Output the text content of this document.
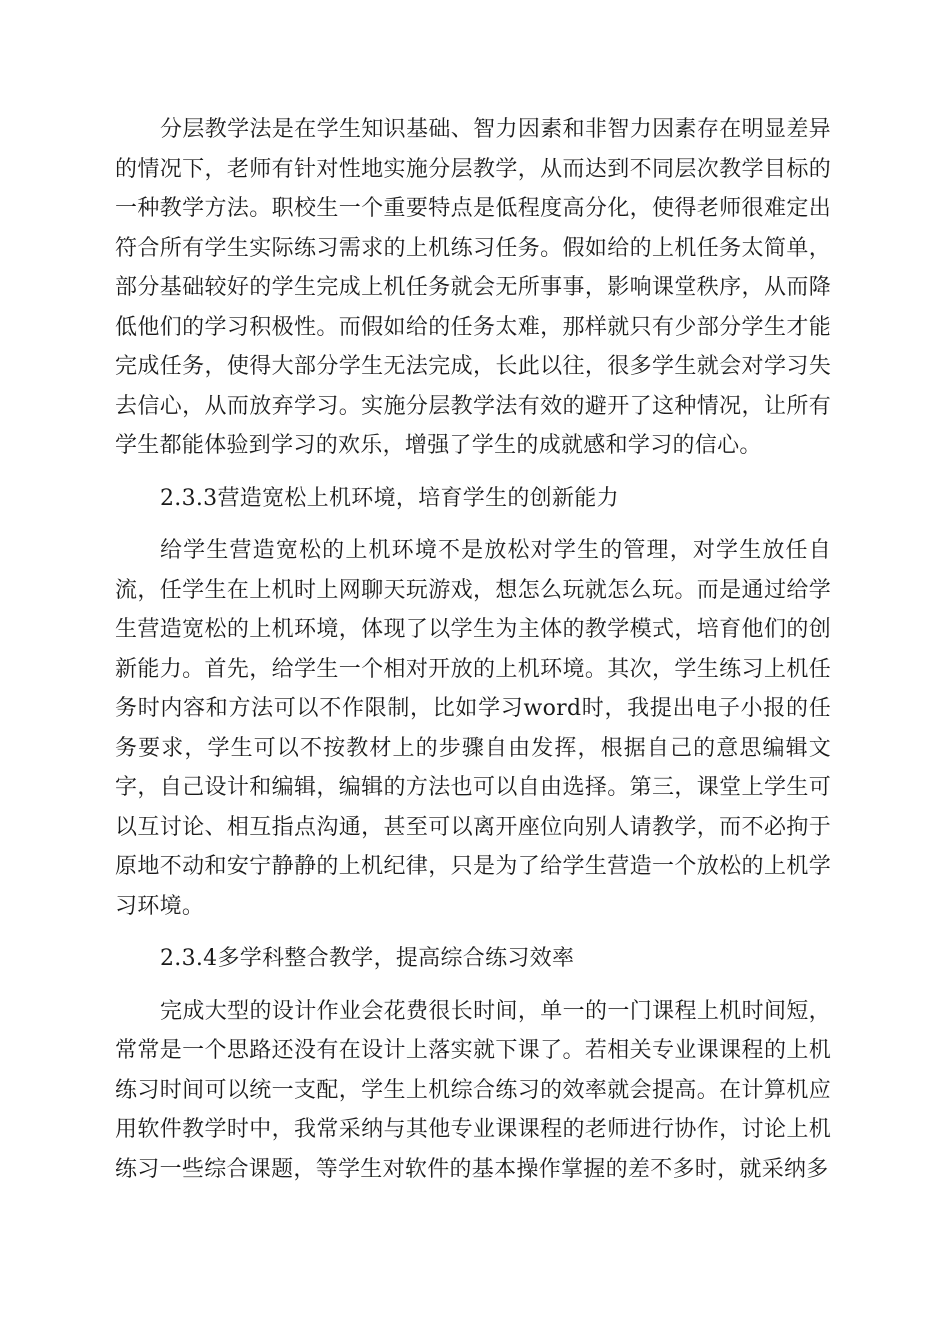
分层教学法是在学生知识基础、智力因素和非智力因素存在明显差异的情况下，老师有针对性地实施分层教学，从而达到不同层次教学目标的一种教学方法。职校生一个重要特点是低程度高分化，使得老师很难定出符合所有学生实际练习需求的上机练习任务。假如给的上机任务太简单，部分基础较好的学生完成上机任务就会无所事事，影响课堂秩序，从而降低他们的学习积极性。而假如给的任务太难，那样就只有少部分学生才能完成任务，使得大部分学生无法完成，长此以往，很多学生就会对学习失去信心，从而放弃学习。实施分层教学法有效的避开了这种情况，让所有学生都能体验到学习的欢乐，增强了学生的成就感和学习的信心。

2.3.3营造宽松上机环境，培育学生的创新能力

给学生营造宽松的上机环境不是放松对学生的管理，对学生放任自流，任学生在上机时上网聊天玩游戏，想怎么玩就怎么玩。而是通过给学生营造宽松的上机环境，体现了以学生为主体的教学模式，培育他们的创新能力。首先，给学生一个相对开放的上机环境。其次，学生练习上机任务时内容和方法可以不作限制，比如学习word时，我提出电子小报的任务要求，学生可以不按教材上的步骤自由发挥，根据自己的意思编辑文字，自己设计和编辑，编辑的方法也可以自由选择。第三，课堂上学生可以互讨论、相互指点沟通，甚至可以离开座位向别人请教学，而不必拘于原地不动和安宁静静的上机纪律，只是为了给学生营造一个放松的上机学习环境。

2.3.4多学科整合教学，提高综合练习效率

完成大型的设计作业会花费很长时间，单一的一门课程上机时间短，常常是一个思路还没有在设计上落实就下课了。若相关专业课课程的上机练习时间可以统一支配，学生上机综合练习的效率就会提高。在计算机应用软件教学时中，我常采纳与其他专业课课程的老师进行协作，讨论上机练习一些综合课题，等学生对软件的基本操作掌握的差不多时，就采纳多
